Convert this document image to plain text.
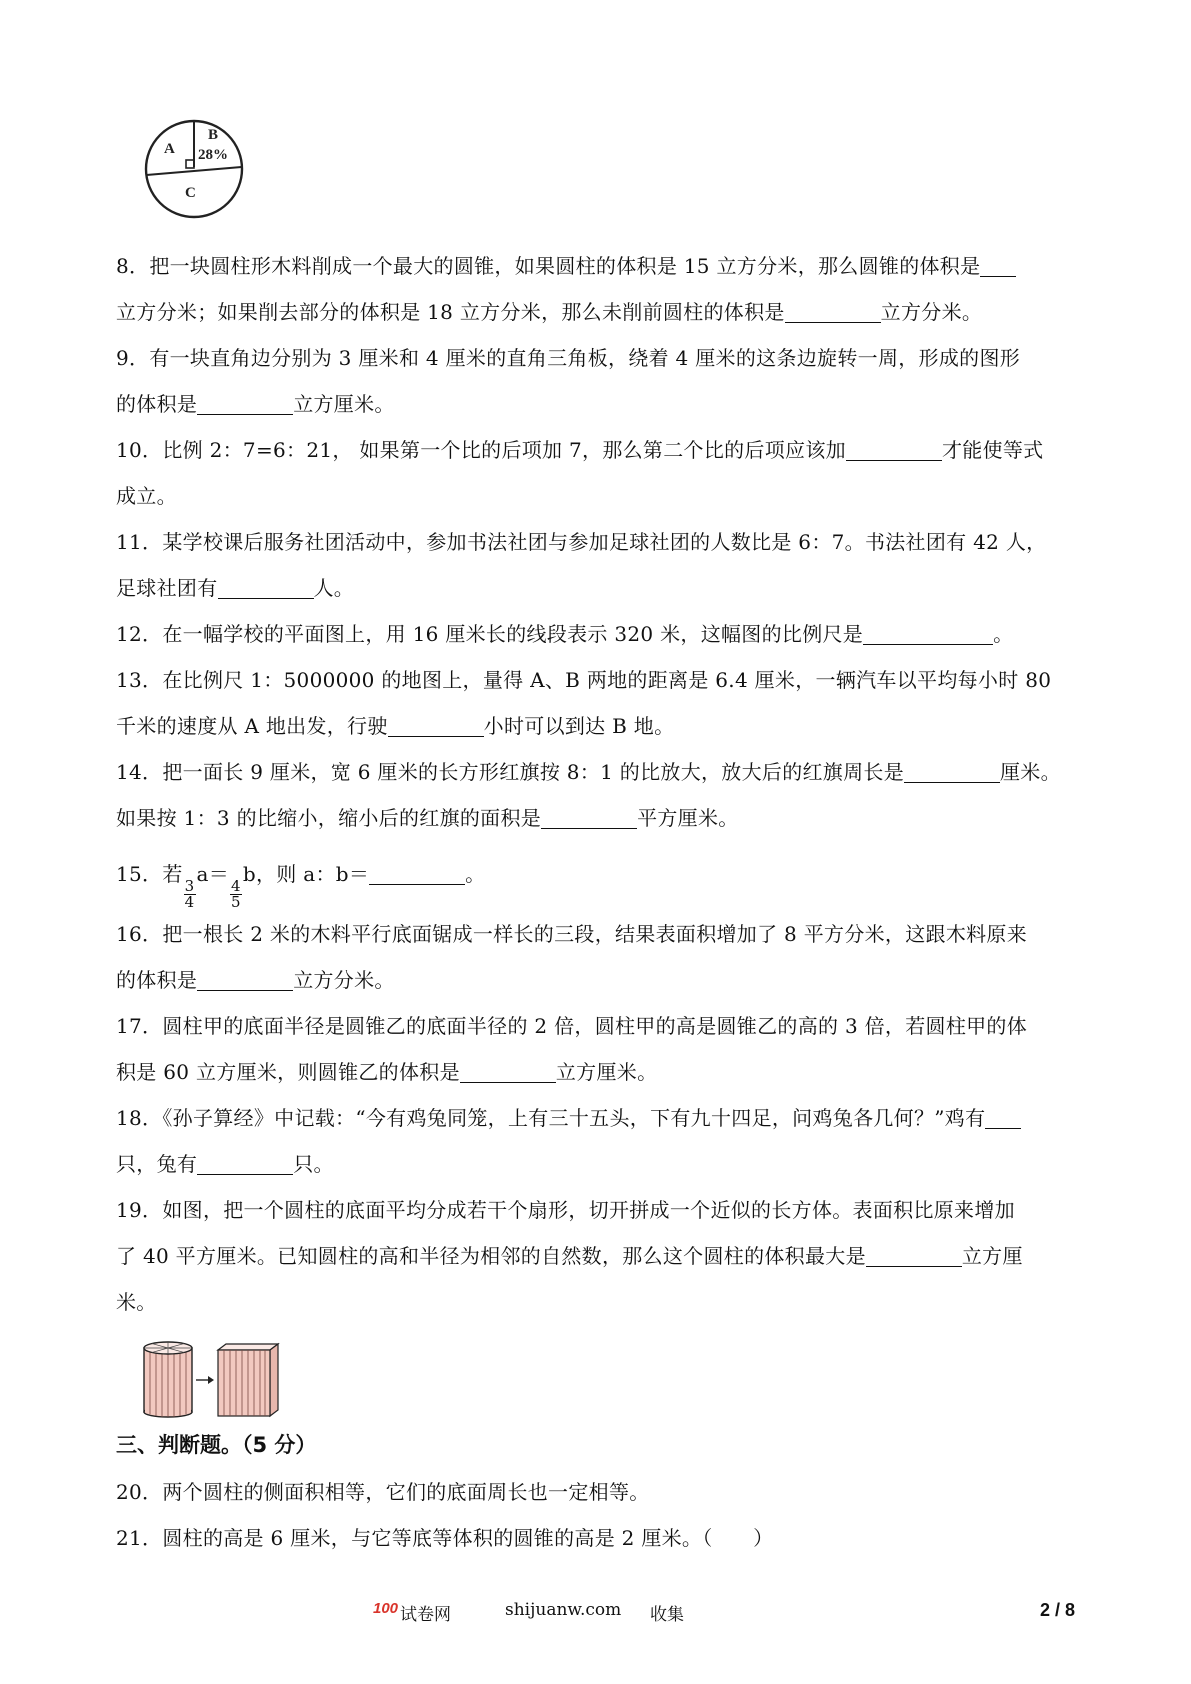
A
B
28%
C
8．把一块圆柱形木料削成一个最大的圆锥，如果圆柱的体积是 15 立方分米，那么圆锥的体积是
立方分米；如果削去部分的体积是 18 立方分米，那么未削前圆柱的体积是	立方分米。
9．有一块直角边分别为 3 厘米和 4 厘米的直角三角板，绕着 4 厘米的这条边旋转一周，形成的图形
的体积是	立方厘米。
10．比例 2：7=6：21， 如果第一个比的后项加 7，那么第二个比的后项应该加	才能使等式
成立。
11．某学校课后服务社团活动中，参加书法社团与参加足球社团的人数比是 6：7。书法社团有 42 人，
足球社团有	人。
12．在一幅学校的平面图上，用 16 厘米长的线段表示 320 米，这幅图的比例尺是	。
13．在比例尺 1：5000000 的地图上，量得 A、B 两地的距离是 6.4 厘米，一辆汽车以平均每小时 80
千米的速度从 A 地出发，行驶	小时可以到达 B 地。
14．把一面长 9 厘米，宽 6 厘米的长方形红旗按 8：1 的比放大，放大后的红旗周长是	厘米。
如果按 1：3 的比缩小，缩小后的红旗的面积是	平方厘米。
15．若
$\frac{3}{4}$
a＝
$\frac{4}{5}$
b，则 a：b＝	。
16．把一根长 2 米的木料平行底面锯成一样长的三段，结果表面积增加了 8 平方分米，这跟木料原来
的体积是	立方分米。
17．圆柱甲的底面半径是圆锥乙的底面半径的 2 倍，圆柱甲的高是圆锥乙的高的 3 倍，若圆柱甲的体
积是 60 立方厘米，则圆锥乙的体积是	立方厘米。
18．《孙子算经》中记载：“今有鸡兔同笼，上有三十五头，下有九十四足，问鸡兔各几何？”鸡有
只，兔有	只。
19．如图，把一个圆柱的底面平均分成若干个扇形，切开拼成一个近似的长方体。表面积比原来增加
了 40 平方厘米。已知圆柱的高和半径为相邻的自然数，那么这个圆柱的体积最大是	立方厘
米。
三、判断题。（5 分）
20．两个圆柱的侧面积相等，它们的底面周长也一定相等。
21．圆柱的高是 6 厘米，与它等底等体积的圆锥的高是 2 厘米。（　　）
100 试卷网	shijuanw.com 收集	2 / 8
